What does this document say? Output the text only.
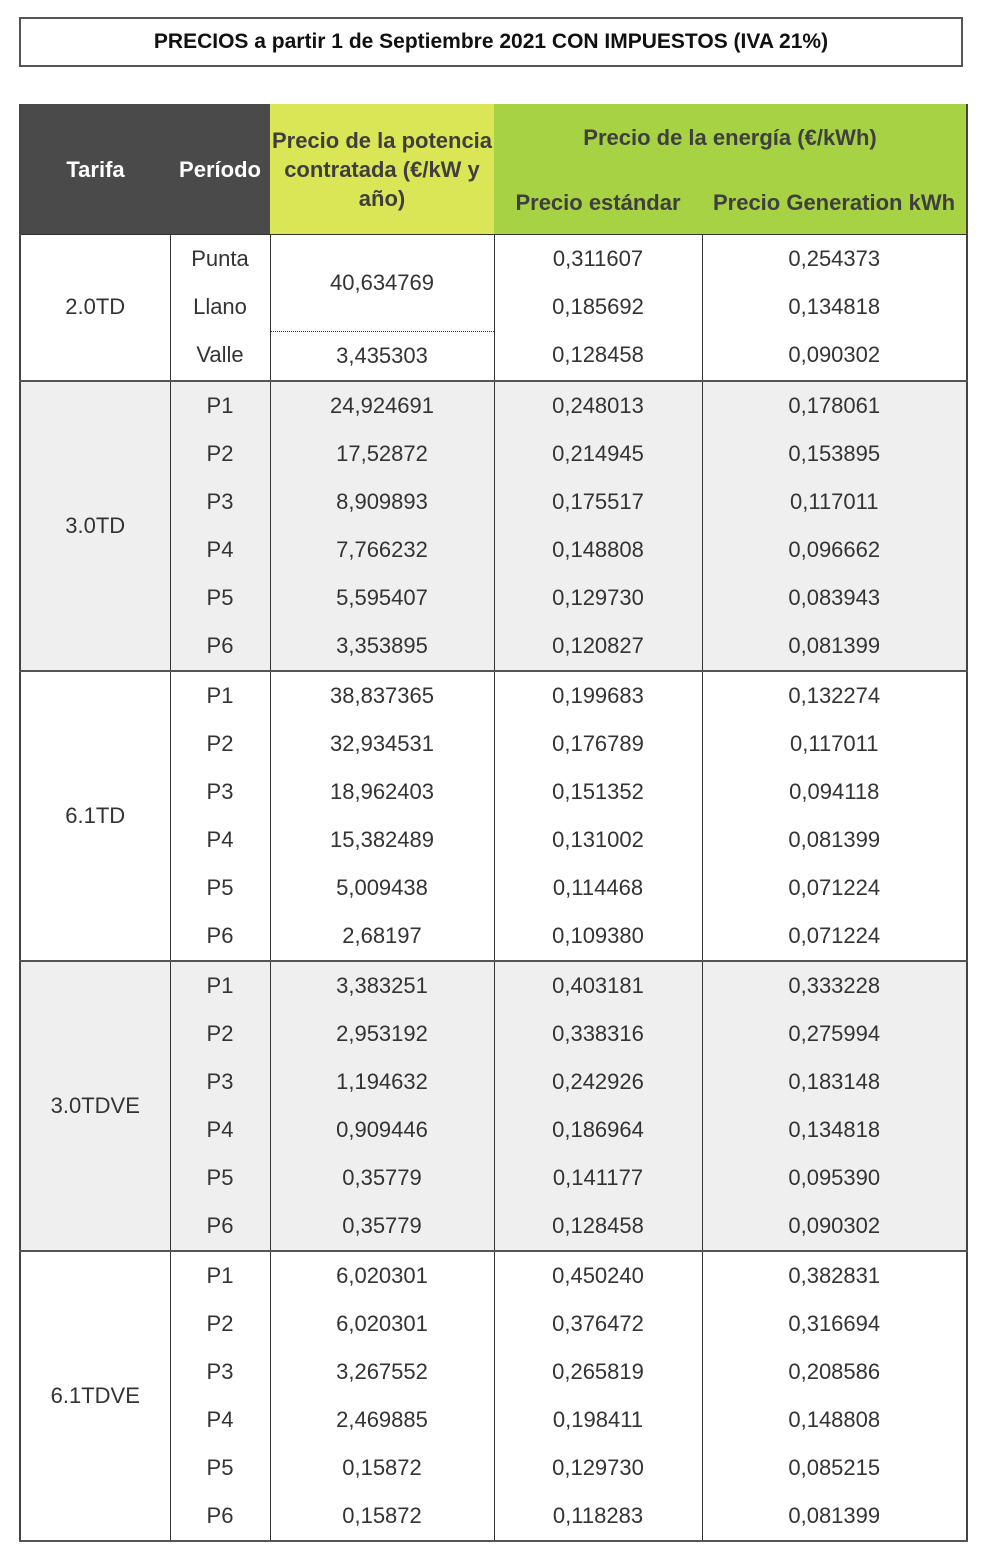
PRECIOS a partir 1 de Septiembre 2021 CON IMPUESTOS (IVA 21%)
Tarifa	Período	Precio de la potencia contratada (€/kW y año)	Precio de la energía (€/kWh)	
			Precio estándar	Precio Generation kWh
2.0TD	Punta	40,634769	0,311607	0,254373
	Llano		0,185692	0,134818
	Valle	3,435303	0,128458	0,090302
3.0TD	P1	24,924691	0,248013	0,178061
	P2	17,52872	0,214945	0,153895
	P3	8,909893	0,175517	0,117011
	P4	7,766232	0,148808	0,096662
	P5	5,595407	0,129730	0,083943
	P6	3,353895	0,120827	0,081399
6.1TD	P1	38,837365	0,199683	0,132274
	P2	32,934531	0,176789	0,117011
	P3	18,962403	0,151352	0,094118
	P4	15,382489	0,131002	0,081399
	P5	5,009438	0,114468	0,071224
	P6	2,68197	0,109380	0,071224
3.0TDVE	P1	3,383251	0,403181	0,333228
	P2	2,953192	0,338316	0,275994
	P3	1,194632	0,242926	0,183148
	P4	0,909446	0,186964	0,134818
	P5	0,35779	0,141177	0,095390
	P6	0,35779	0,128458	0,090302
6.1TDVE	P1	6,020301	0,450240	0,382831
	P2	6,020301	0,376472	0,316694
	P3	3,267552	0,265819	0,208586
	P4	2,469885	0,198411	0,148808
	P5	0,15872	0,129730	0,085215
	P6	0,15872	0,118283	0,081399
